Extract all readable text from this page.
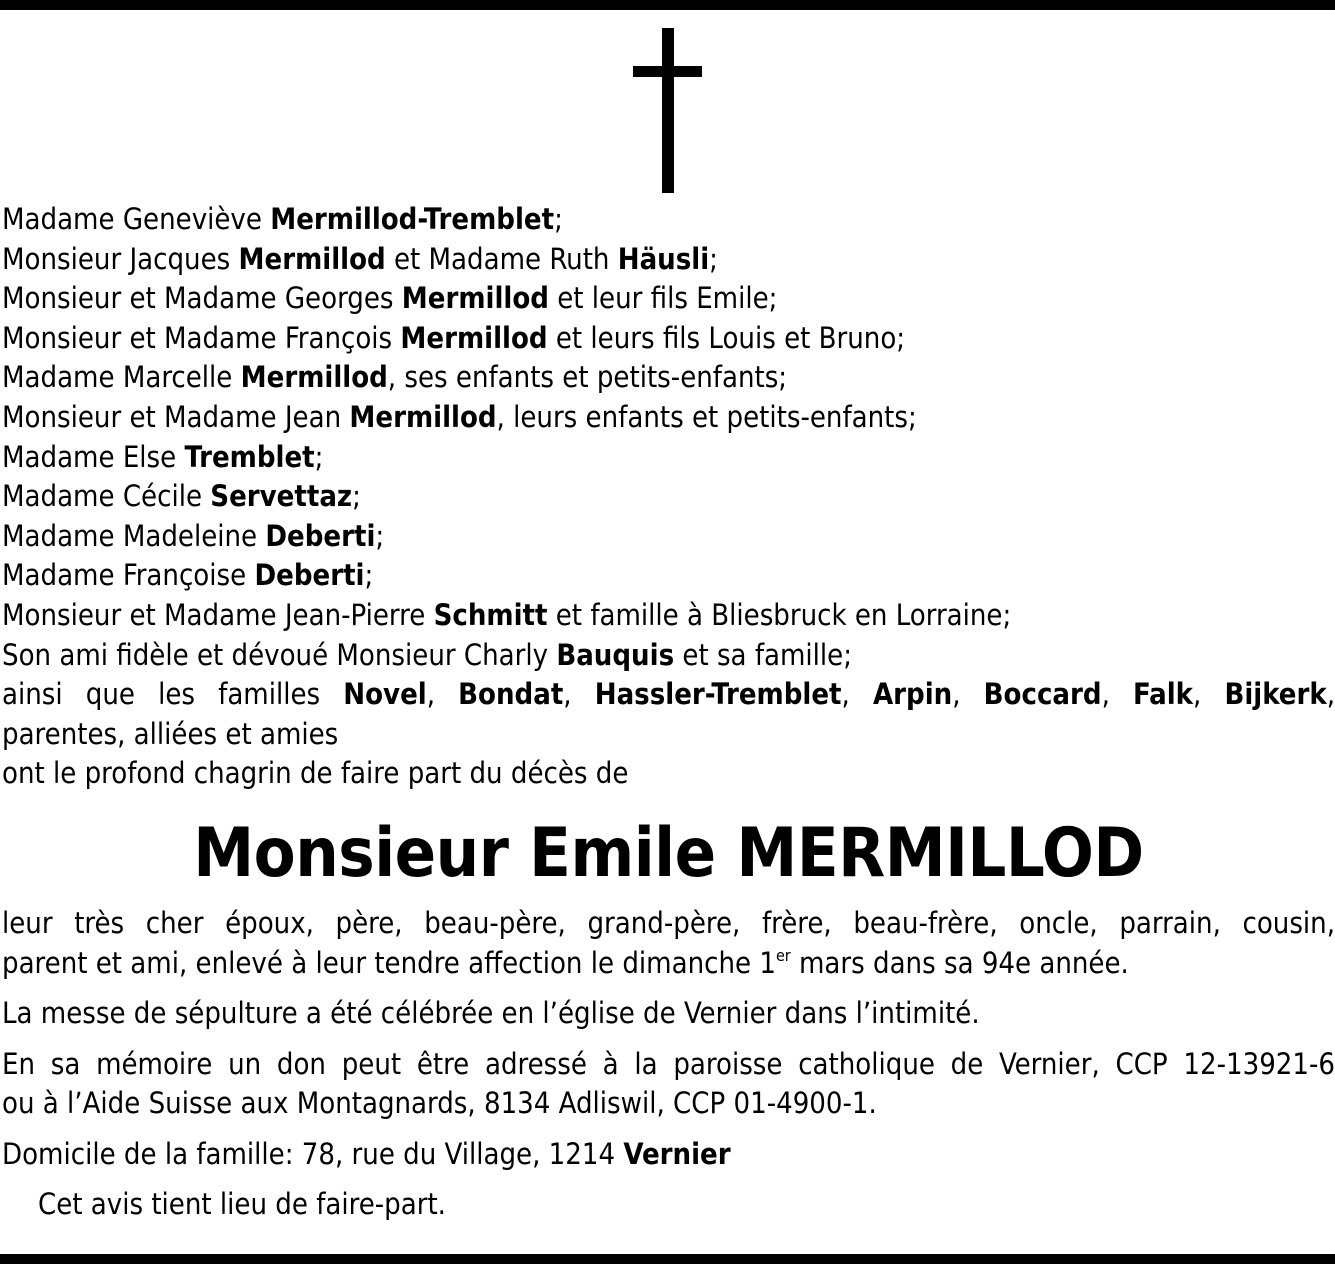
Madame Geneviève Mermillod-Tremblet;
Monsieur Jacques Mermillod et Madame Ruth Häusli;
Monsieur et Madame Georges Mermillod et leur fils Emile;
Monsieur et Madame François Mermillod et leurs fils Louis et Bruno;
Madame Marcelle Mermillod, ses enfants et petits-enfants;
Monsieur et Madame Jean Mermillod, leurs enfants et petits-enfants;
Madame Else Tremblet;
Madame Cécile Servettaz;
Madame Madeleine Deberti;
Madame Françoise Deberti;
Monsieur et Madame Jean-Pierre Schmitt et famille à Bliesbruck en Lorraine;
Son ami fidèle et dévoué Monsieur Charly Bauquis et sa famille;
ainsi que les familles Novel, Bondat, Hassler-Tremblet, Arpin, Boccard, Falk, Bijkerk,
parentes, alliées et amies
ont le profond chagrin de faire part du décès de
Monsieur Emile MERMILLOD
leur très cher époux, père, beau-père, grand-père, frère, beau-frère, oncle, parrain, cousin,
parent et ami, enlevé à leur tendre affection le dimanche 1er mars dans sa 94e année.
La messe de sépulture a été célébrée en l’église de Vernier dans l’intimité.
En sa mémoire un don peut être adressé à la paroisse catholique de Vernier, CCP 12-13921-6
ou à l’Aide Suisse aux Montagnards, 8134 Adliswil, CCP 01-4900-1.
Domicile de la famille: 78, rue du Village, 1214 Vernier
Cet avis tient lieu de faire-part.
